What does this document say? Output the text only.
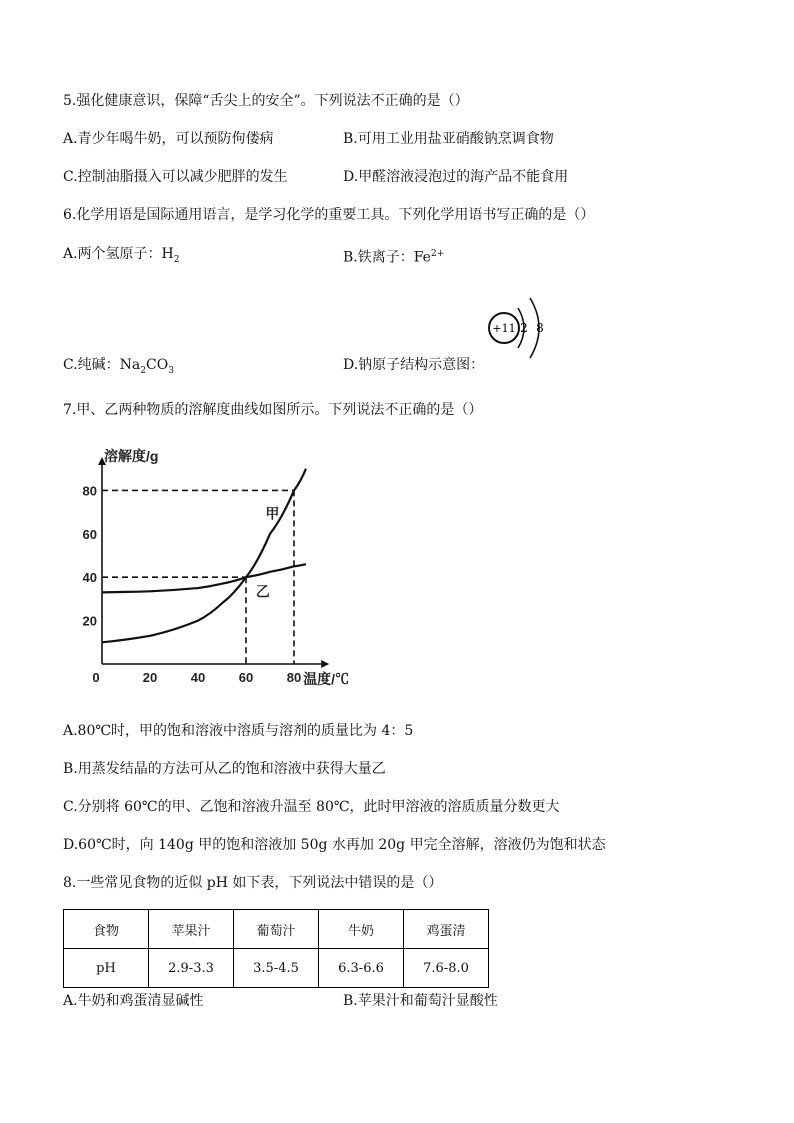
5.强化健康意识，保障“舌尖上的安全”。下列说法不正确的是（）
A.青少年喝牛奶，可以预防佝偻病	B.可用工业用盐亚硝酸钠烹调食物
C.控制油脂摄入可以减少肥胖的发生	D.甲醛溶液浸泡过的海产品不能食用
6.化学用语是国际通用语言，是学习化学的重要工具。下列化学用语书写正确的是（）
A.两个氢原子：$H_2$	B.铁离子：$Fe^{2+}$
+11 2 8
C.纯碱：$Na_2CO_3$	D.钠原子结构示意图：
7.甲、乙两种物质的溶解度曲线如图所示。下列说法不正确的是（）
0	20	40	60	80
20
40
60
80
溶解度/g
温度/℃
甲
乙
A.80℃时，甲的饱和溶液中溶质与溶剂的质量比为 4：5
B.用蒸发结晶的方法可从乙的饱和溶液中获得大量乙
C.分别将 60℃的甲、乙饱和溶液升温至 80℃，此时甲溶液的溶质质量分数更大
D.60℃时，向 140g 甲的饱和溶液加 50g 水再加 20g 甲完全溶解，溶液仍为饱和状态
8.一些常见食物的近似 pH 如下表，下列说法中错误的是（）
食物	苹果汁	葡萄汁	牛奶	鸡蛋清
pH	2.9-3.3	3.5-4.5	6.3-6.6	7.6-8.0
A.牛奶和鸡蛋清显碱性	B.苹果汁和葡萄汁显酸性
